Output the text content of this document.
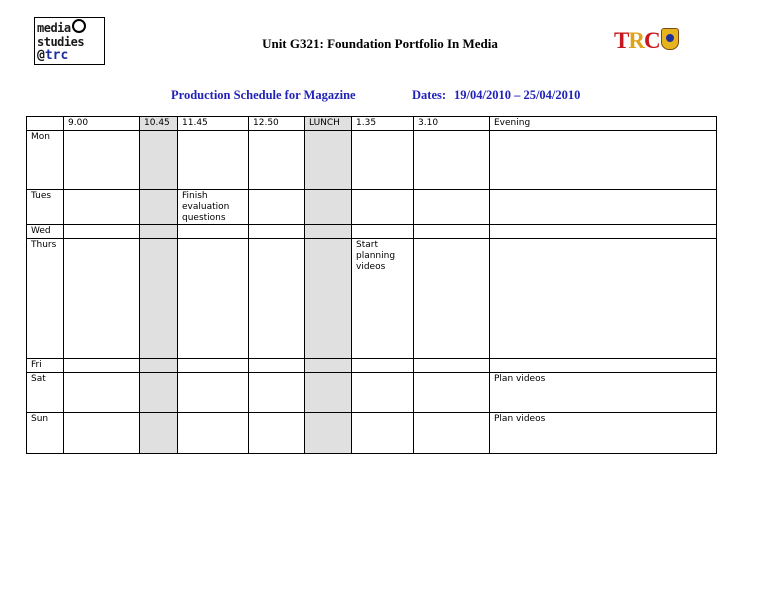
media
studies
@trc
Unit G321: Foundation Portfolio In Media	TRC
Production Schedule for Magazine	Dates: 19/04/2010 – 25/04/2010
	9.00	10.45	11.45	12.50	LUNCH	1.35	3.10	Evening
Mon								
Tues			Finish evaluation questions					
Wed								
Thurs						Start planning videos		
Fri								
Sat								Plan videos
Sun								Plan videos
